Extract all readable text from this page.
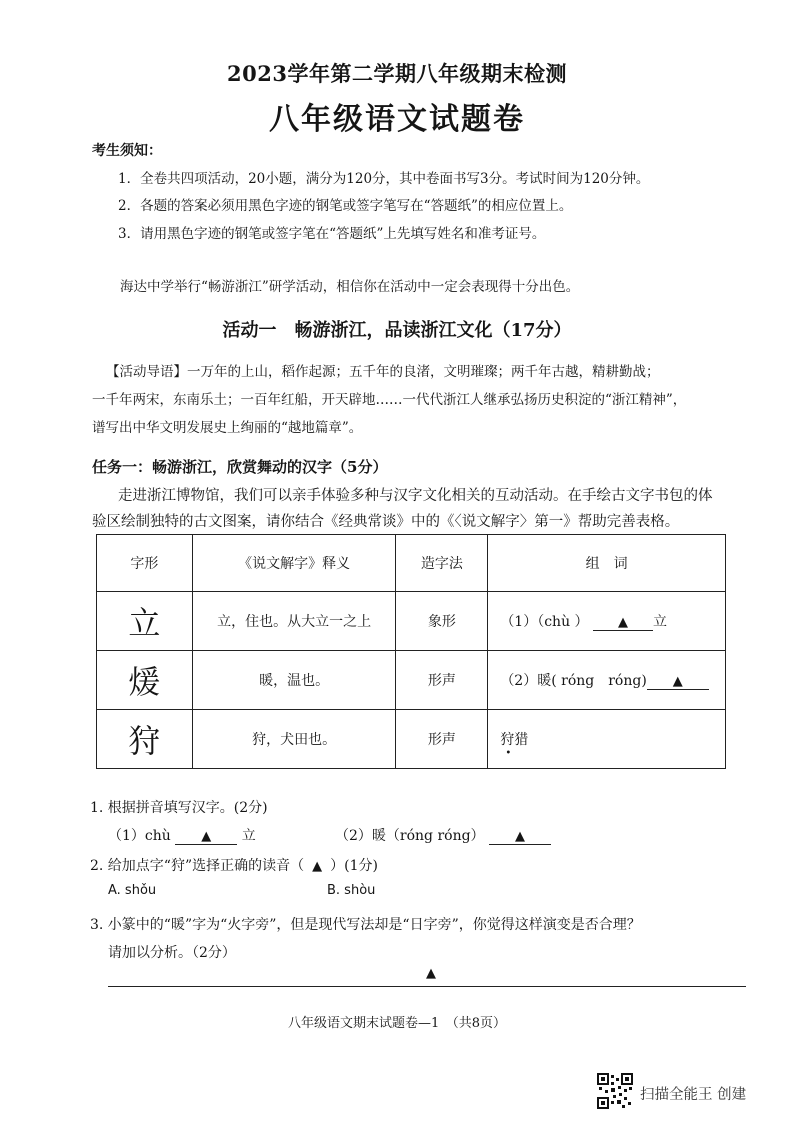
2023学年第二学期八年级期末检测
八年级语文试题卷
考生须知：
1．全卷共四项活动，20小题，满分为120分，其中卷面书写3分。考试时间为120分钟。
2．各题的答案必须用黑色字迹的钢笔或签字笔写在“答题纸”的相应位置上。
3．请用黑色字迹的钢笔或签字笔在“答题纸”上先填写姓名和准考证号。
海达中学举行“畅游浙江”研学活动，相信你在活动中一定会表现得十分出色。
活动一　畅游浙江，品读浙江文化（17分）
【活动导语】一万年的上山，稻作起源；五千年的良渚，文明璀璨；两千年古越，精耕勤战；
一千年两宋，东南乐土；一百年红船，开天辟地……一代代浙江人继承弘扬历史积淀的“浙江精神”，
谱写出中华文明发展史上绚丽的“越地篇章”。
任务一：畅游浙江，欣赏舞动的汉字（5分）
走进浙江博物馆，我们可以亲手体验多种与汉字文化相关的互动活动。在手绘古文字书包的体
验区绘制独特的古文图案，请你结合《经典常谈》中的《〈说文解字〉第一》帮助完善表格。
字形	《说文解字》释义	造字法	组　词
立	立，住也。从大立一之上	象形	（1）（chù ） ▲ 立
煖	暖，温也。	形声	（2）暖( róng　róng) ▲
狩	狩，犬田也。	形声	狩猎
•
1. 根据拼音填写汉字。(2分)
（1）chù ▲ 立	（2）暖（róng róng） ▲
2. 给加点字“狩”选择正确的读音（ ▲ ）(1分)
A. shǒu	B. shòu
3. 小篆中的“暖”字为“火字旁”，但是现代写法却是“日字旁”，你觉得这样演变是否合理？
请加以分析。（2分）
▲
八年级语文期末试题卷—1　（共8页）
扫描全能王 创建
